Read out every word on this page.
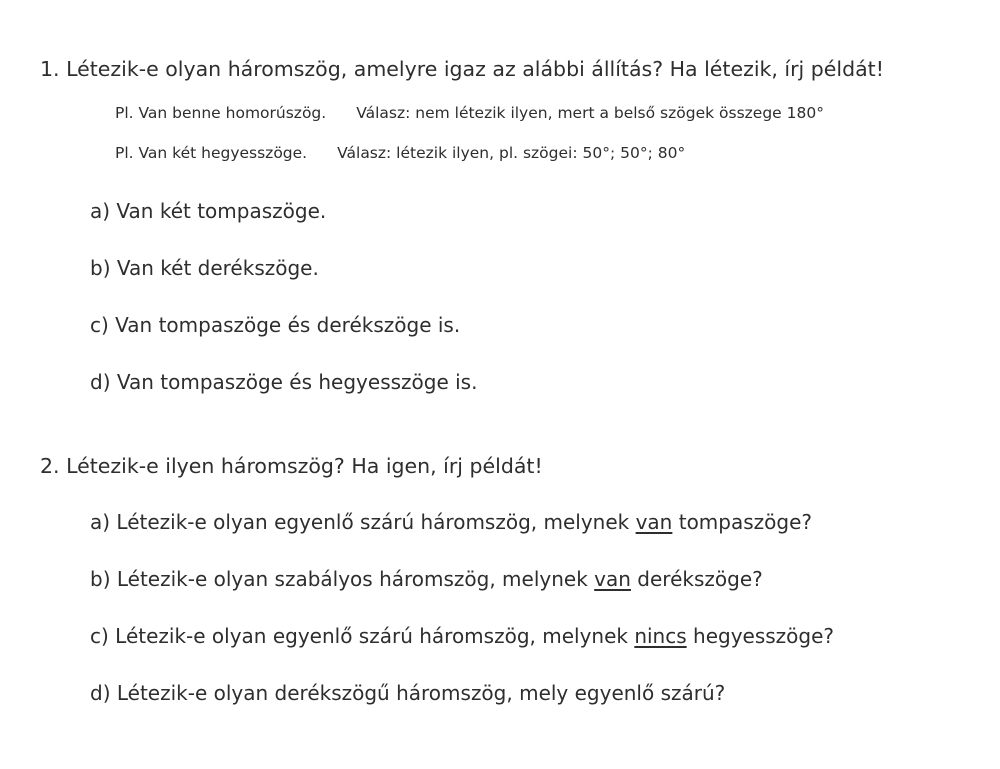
1. Létezik-e olyan háromszög, amelyre igaz az alábbi állítás? Ha létezik, írj példát!
Pl. Van benne homorúszög. Válasz: nem létezik ilyen, mert a belső szögek összege 180°
Pl. Van két hegyesszöge. Válasz: létezik ilyen, pl. szögei: 50°; 50°; 80°
a) Van két tompaszöge.
b) Van két derékszöge.
c) Van tompaszöge és derékszöge is.
d) Van tompaszöge és hegyesszöge is.
2. Létezik-e ilyen háromszög? Ha igen, írj példát!
a) Létezik-e olyan egyenlő szárú háromszög, melynek van tompaszöge?
b) Létezik-e olyan szabályos háromszög, melynek van derékszöge?
c) Létezik-e olyan egyenlő szárú háromszög, melynek nincs hegyesszöge?
d) Létezik-e olyan derékszögű háromszög, mely egyenlő szárú?
